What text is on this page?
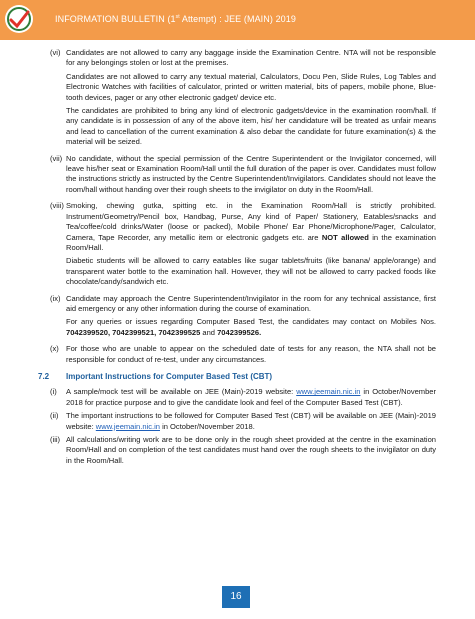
INFORMATION BULLETIN (1st Attempt) : JEE (MAIN) 2019
(vi) Candidates are not allowed to carry any baggage inside the Examination Centre. NTA will not be responsible for any belongings stolen or lost at the premises.

Candidates are not allowed to carry any textual material, Calculators, Docu Pen, Slide Rules, Log Tables and Electronic Watches with facilities of calculator, printed or written material, bits of papers, mobile phone, Blue-tooth devices, pager or any other electronic gadget/ device etc.

The candidates are prohibited to bring any kind of electronic gadgets/device in the examination room/hall. If any candidate is in possession of any of the above item, his/ her candidature will be treated as unfair means and lead to cancellation of the current examination & also debar the candidate for future examination(s) & the material will be seized.

(vii) No candidate, without the special permission of the Centre Superintendent or the Invigilator concerned, will leave his/her seat or Examination Room/Hall until the full duration of the paper is over. Candidates must follow the instructions strictly as instructed by the Centre Superintendent/Invigilators. Candidates should not leave the room/hall without handing over their rough sheets to the invigilator on duty in the Room/Hall.

(viii) Smoking, chewing gutka, spitting etc. in the Examination Room/Hall is strictly prohibited. Instrument/Geometry/Pencil box, Handbag, Purse, Any kind of Paper/ Stationery, Eatables/snacks and Tea/coffee/cold drinks/Water (loose or packed), Mobile Phone/ Ear Phone/Microphone/Pager, Calculator, Camera, Tape Recorder, any metallic item or electronic gadgets etc. are NOT allowed in the examination Room/Hall.

Diabetic students will be allowed to carry eatables like sugar tablets/fruits (like banana/ apple/orange) and transparent water bottle to the examination hall. However, they will not be allowed to carry packed foods like chocolate/candy/sandwich etc.

(ix) Candidate may approach the Centre Superintendent/Invigilator in the room for any technical assistance, first aid emergency or any other information during the course of examination.

For any queries or issues regarding Computer Based Test, the candidates may contact on Mobiles Nos. 7042399520, 7042399521, 7042399525 and 7042399526.

(x) For those who are unable to appear on the scheduled date of tests for any reason, the NTA shall not be responsible for conduct of re-test, under any circumstances.

7.2	Important Instructions for Computer Based Test (CBT)
(i)	A sample/mock test will be available on JEE (Main)-2019 website: www.jeemain.nic.in in October/November 2018 for practice purpose and to give the candidate look and feel of the Computer Based Test (CBT).

(ii)	The important instructions to be followed for Computer Based Test (CBT) will be available on JEE (Main)-2019 website: www.jeemain.nic.in in October/November 2018.

(iii) All calculations/writing work are to be done only in the rough sheet provided at the centre in the examination Room/Hall and on completion of the test candidates must hand over the rough sheets to the invigilator on duty in the Room/Hall.

16
